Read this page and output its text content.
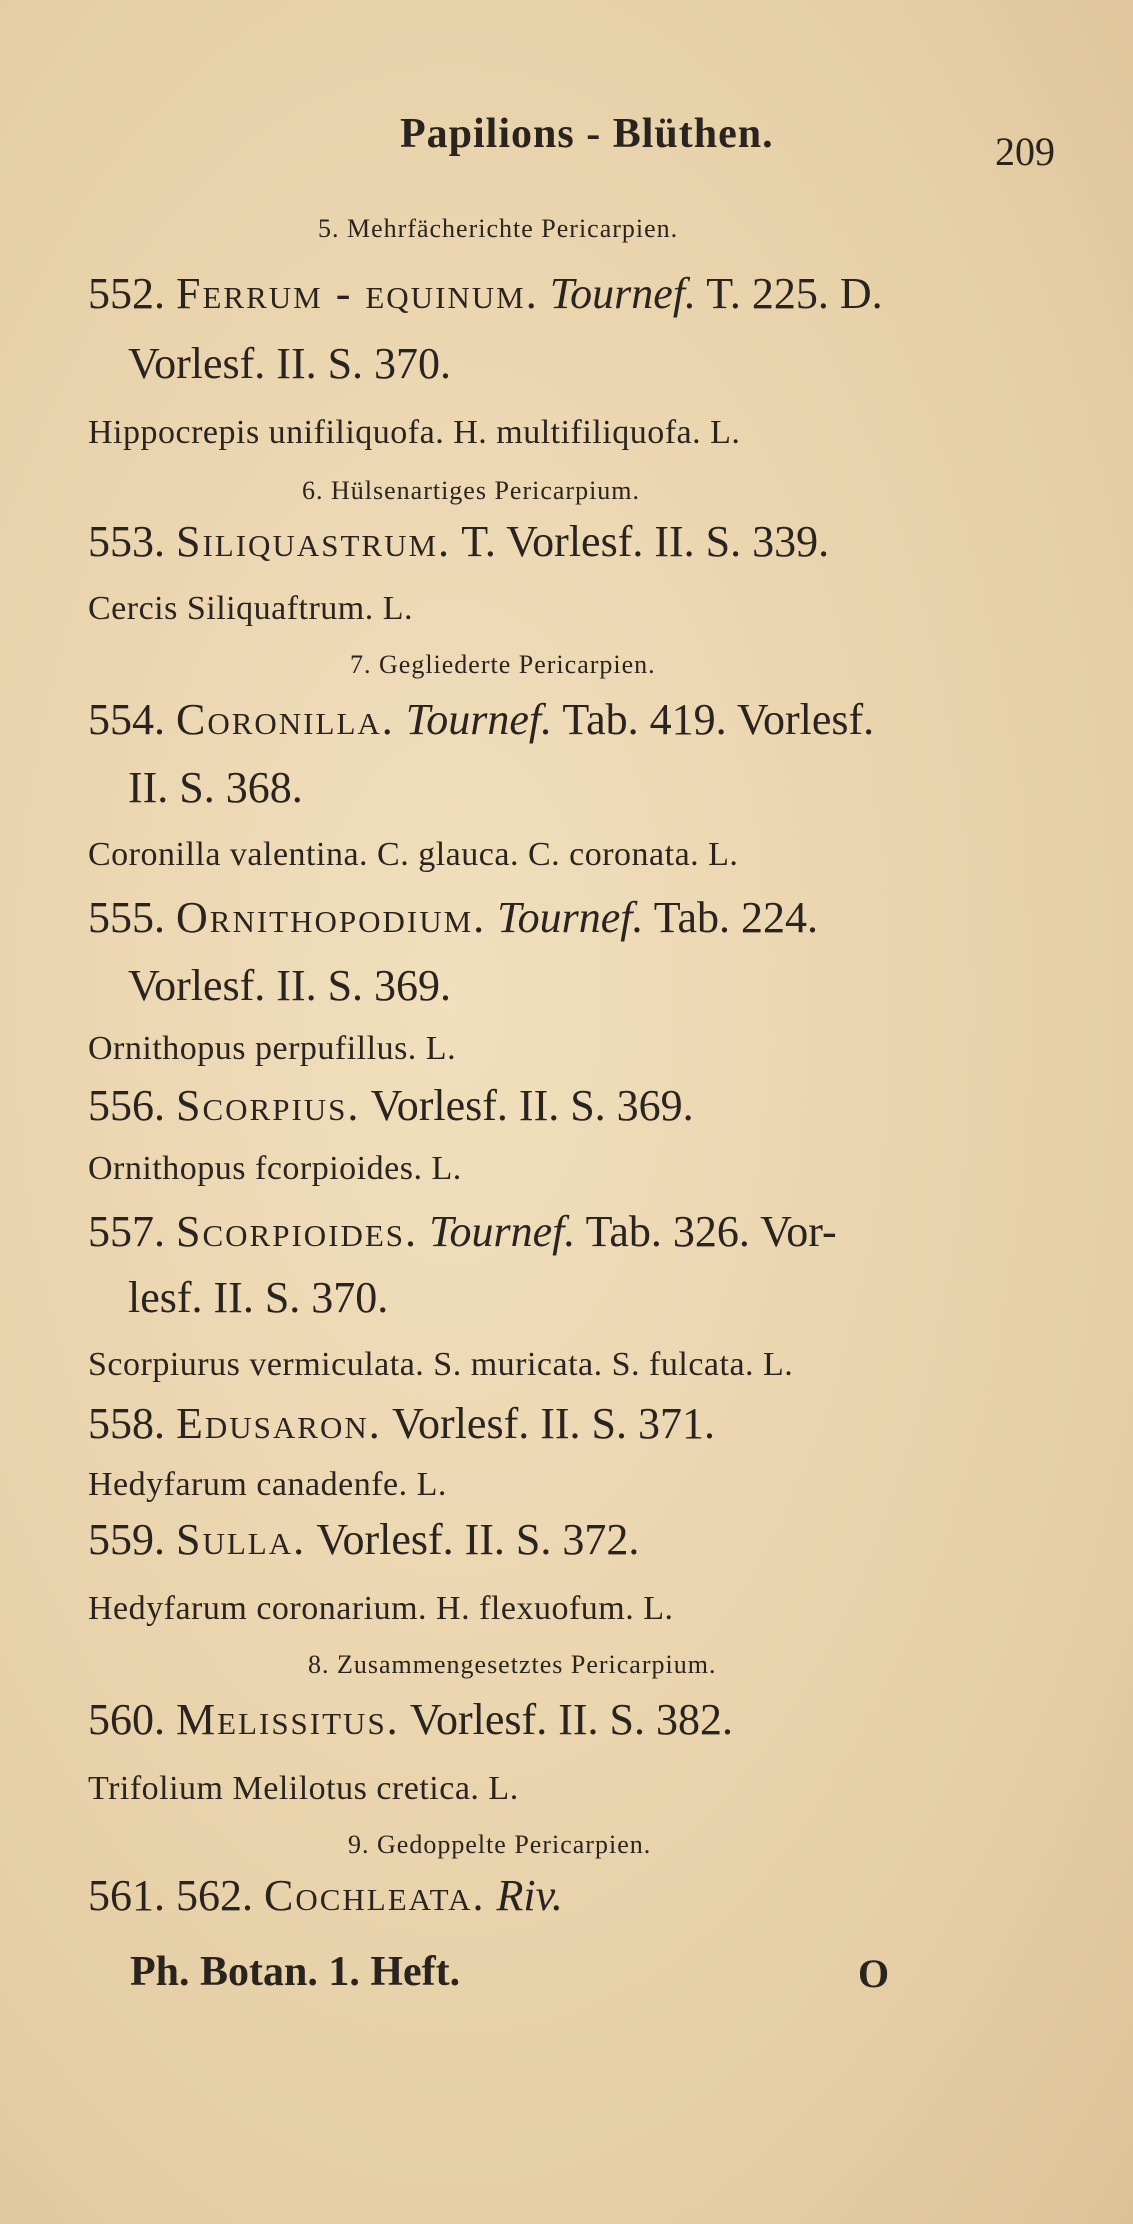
Papilions - Blüthen.	209
5. Mehrfächerichte Pericarpien.
552. Ferrum - equinum. Tournef. T. 225. D.
Vorlesf. II. S. 370.
Hippocrepis unifiliquofa. H. multifiliquofa. L.
6. Hülsenartiges Pericarpium.
553. Siliquastrum. T. Vorlesf. II. S. 339.
Cercis Siliquaftrum. L.
7. Gegliederte Pericarpien.
554. Coronilla. Tournef. Tab. 419. Vorlesf.
II. S. 368.
Coronilla valentina. C. glauca. C. coronata. L.
555. Ornithopodium. Tournef. Tab. 224.
Vorlesf. II. S. 369.
Ornithopus perpufillus. L.
556. Scorpius. Vorlesf. II. S. 369.
Ornithopus fcorpioides. L.
557. Scorpioides. Tournef. Tab. 326. Vor-
lesf. II. S. 370.
Scorpiurus vermiculata. S. muricata. S. fulcata. L.
558. Edusaron. Vorlesf. II. S. 371.
Hedyfarum canadenfe. L.
559. Sulla. Vorlesf. II. S. 372.
Hedyfarum coronarium. H. flexuofum. L.
8. Zusammengesetztes Pericarpium.
560. Melissitus. Vorlesf. II. S. 382.
Trifolium Melilotus cretica. L.
9. Gedoppelte Pericarpien.
561. 562. Cochleata. Riv.
Ph. Botan. 1. Heft.	O
